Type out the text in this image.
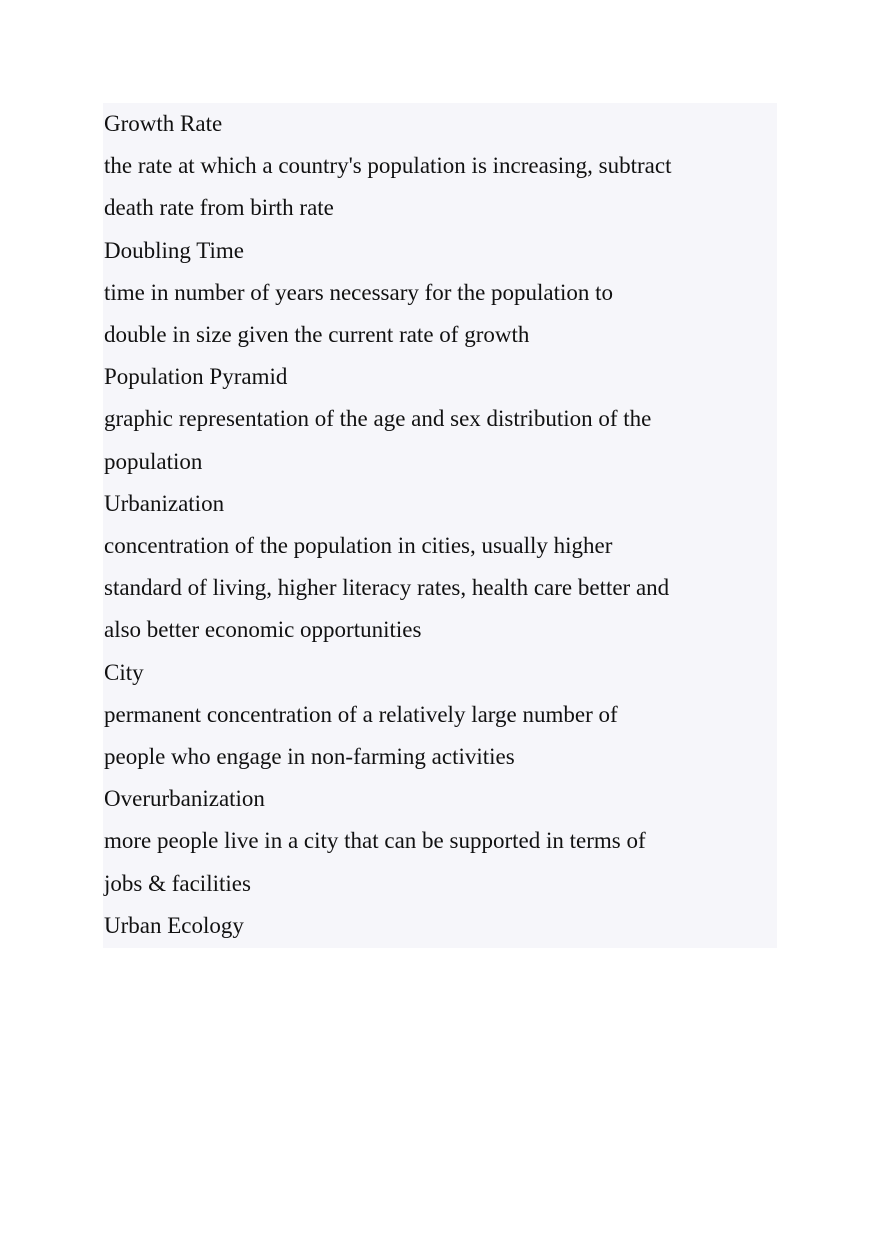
Growth Rate

the rate at which a country's population is increasing, subtract

death rate from birth rate

Doubling Time

time in number of years necessary for the population to

double in size given the current rate of growth

Population Pyramid

graphic representation of the age and sex distribution of the

population

Urbanization

concentration of the population in cities, usually higher

standard of living, higher literacy rates, health care better and

also better economic opportunities

City

permanent concentration of a relatively large number of

people who engage in non-farming activities

Overurbanization

more people live in a city that can be supported in terms of

jobs & facilities

Urban Ecology
